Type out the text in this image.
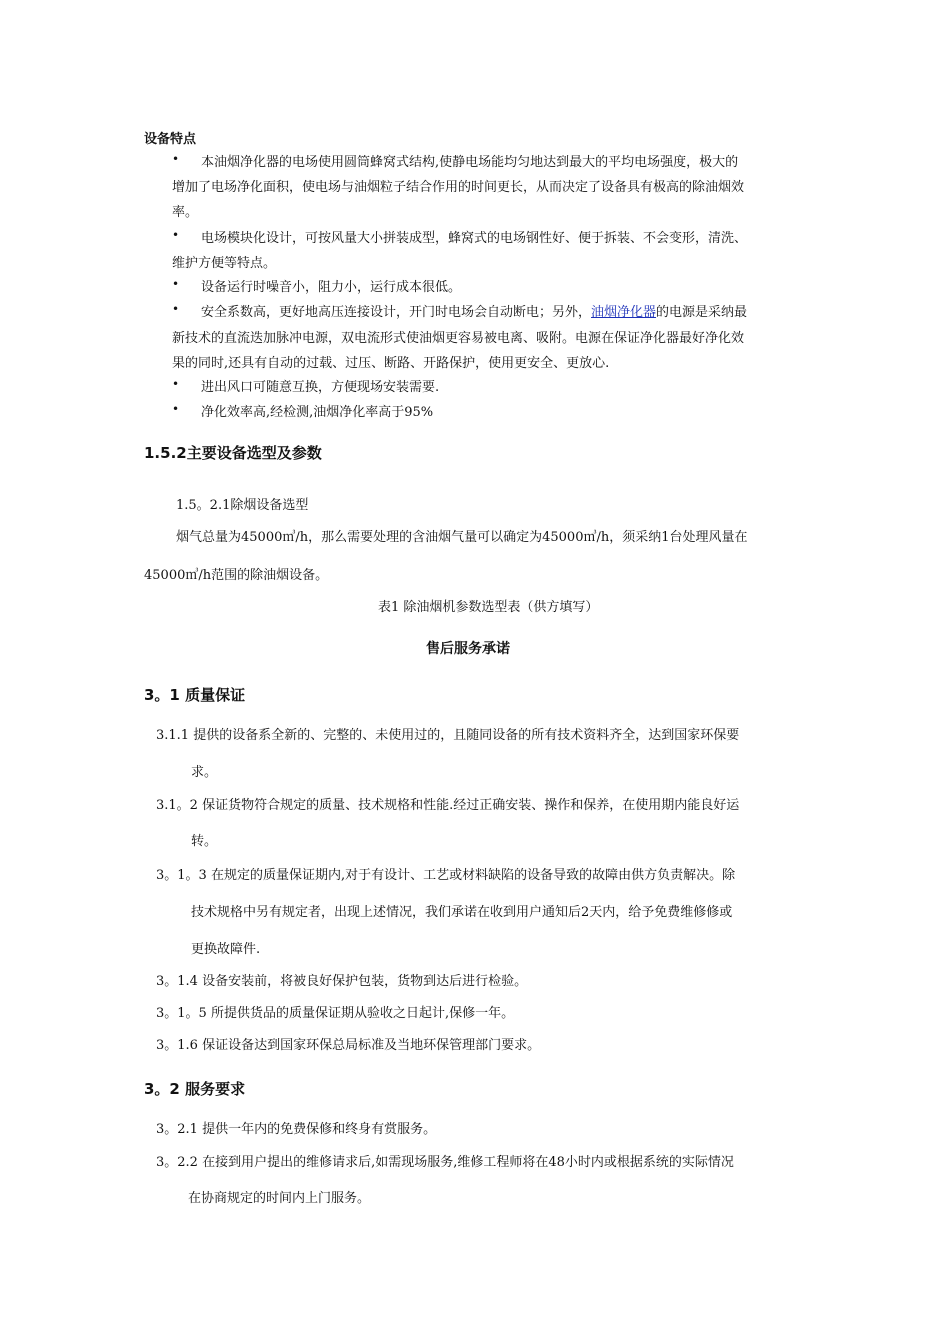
设备特点
• 本油烟净化器的电场使用圆筒蜂窝式结构,使静电场能均匀地达到最大的平均电场强度，极大的
增加了电场净化面积，使电场与油烟粒子结合作用的时间更长，从而决定了设备具有极高的除油烟效
率。
• 电场模块化设计，可按风量大小拼装成型，蜂窝式的电场钢性好、便于拆装、不会变形，清洗、
维护方便等特点。
• 设备运行时噪音小，阻力小，运行成本很低。
• 安全系数高，更好地高压连接设计，开门时电场会自动断电；另外，油烟净化器的电源是采纳最
新技术的直流迭加脉冲电源，双电流形式使油烟更容易被电离、吸附。电源在保证净化器最好净化效
果的同时,还具有自动的过载、过压、断路、开路保护，使用更安全、更放心.
• 进出风口可随意互换，方便现场安装需要.
• 净化效率高,经检测,油烟净化率高于95%
1.5.2主要设备选型及参数
1.5。2.1除烟设备选型
烟气总量为45000㎥/h，那么需要处理的含油烟气量可以确定为45000㎥/h，须采纳1台处理风量在
45000㎥/h范围的除油烟设备。
表1 除油烟机参数选型表（供方填写）
售后服务承诺
3。1 质量保证
3.1.1 提供的设备系全新的、完整的、未使用过的，且随同设备的所有技术资料齐全，达到国家环保要
求。
3.1。2 保证货物符合规定的质量、技术规格和性能.经过正确安装、操作和保养，在使用期内能良好运
转。
3。1。3 在规定的质量保证期内,对于有设计、工艺或材料缺陷的设备导致的故障由供方负责解决。除
技术规格中另有规定者，出现上述情况，我们承诺在收到用户通知后2天内，给予免费维修修或
更换故障件.
3。1.4 设备安装前，将被良好保护包装，货物到达后进行检验。
3。1。5 所提供货品的质量保证期从验收之日起计,保修一年。
3。1.6 保证设备达到国家环保总局标准及当地环保管理部门要求。
3。2 服务要求
3。2.1 提供一年内的免费保修和终身有赏服务。
3。2.2 在接到用户提出的维修请求后,如需现场服务,维修工程师将在48小时内或根据系统的实际情况
在协商规定的时间内上门服务。
